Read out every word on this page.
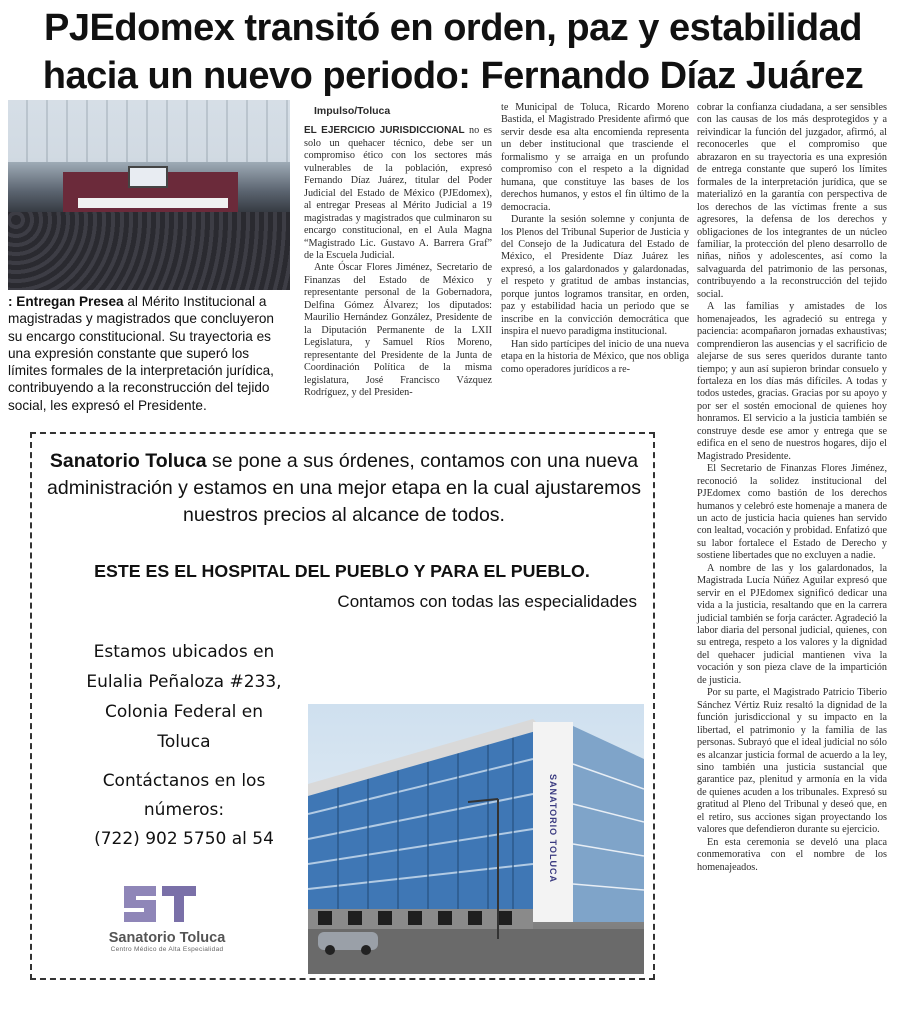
PJEdomex transitó en orden, paz y estabilidad
hacia un nuevo periodo: Fernando Díaz Juárez
: Entregan Presea al Mérito Institucional a magistradas y magistrados que concluyeron su encargo constitucional. Su trayectoria es una expresión constante que superó los límites formales de la interpretación jurídica, contribuyendo a la reconstrucción del tejido social, les expresó el Presidente.

Impulso/Toluca

EL EJERCICIO JURISDICCIONAL no es solo un quehacer técnico, debe ser un compromiso ético con los sectores más vulnerables de la población, expresó Fernando Díaz Juárez, titular del Poder Judicial del Estado de México (PJEdomex), al entregar Preseas al Mérito Judicial a 19 magistradas y magistrados que culminaron su encargo constitucional, en el Aula Magna “Magistrado Lic. Gustavo A. Barrera Graf” de la Escuela Judicial.

Ante Óscar Flores Jiménez, Secretario de Finanzas del Estado de México y representante personal de la Gobernadora, Delfina Gómez Álvarez; los diputados: Maurilio Hernández González, Presidente de la Diputación Permanente de la LXII Legislatura, y Samuel Ríos Moreno, representante del Presidente de la Junta de Coordinación Política de la misma legislatura, José Francisco Vázquez Rodríguez, y del Presiden-

te Municipal de Toluca, Ricardo Moreno Bastida, el Magistrado Presidente afirmó que servir desde esa alta encomienda representa un deber institucional que trasciende el formalismo y se arraiga en un profundo compromiso con el respeto a la dignidad humana, que constituye las bases de los derechos humanos, y estos el fin último de la democracia.

Durante la sesión solemne y conjunta de los Plenos del Tribunal Superior de Justicia y del Consejo de la Judicatura del Estado de México, el Presidente Díaz Juárez les expresó, a los galardonados y galardonadas, el respeto y gratitud de ambas instancias, porque juntos logramos transitar, en orden, paz y estabilidad hacia un periodo que se inscribe en la convicción democrática que inspira el nuevo paradigma institucional.

Han sido partícipes del inicio de una nueva etapa en la historia de México, que nos obliga como operadores jurídicos a re-

cobrar la confianza ciudadana, a ser sensibles con las causas de los más desprotegidos y a reivindicar la función del juzgador, afirmó, al reconocerles que el compromiso que abrazaron en su trayectoria es una expresión de entrega constante que superó los límites formales de la interpretación jurídica, que se materializó en la garantía con perspectiva de los derechos de las víctimas frente a sus agresores, la defensa de los derechos y obligaciones de los integrantes de un núcleo familiar, la protección del pleno desarrollo de niñas, niños y adolescentes, así como la salvaguarda del patrimonio de las personas, contribuyendo a la reconstrucción del tejido social.

A las familias y amistades de los homenajeados, les agradeció su entrega y paciencia: acompañaron jornadas exhaustivas; comprendieron las ausencias y el sacrificio de alejarse de sus seres queridos durante tanto tiempo; y aun así supieron brindar consuelo y fortaleza en los días más difíciles. A todas y todos ustedes, gracias. Gracias por su apoyo y por ser el sostén emocional de quienes hoy honramos. El servicio a la justicia también se construye desde ese amor y entrega que se edifica en el seno de nuestros hogares, dijo el Magistrado Presidente.

El Secretario de Finanzas Flores Jiménez, reconoció la solidez institucional del PJEdomex como bastión de los derechos humanos y celebró este homenaje a manera de un acto de justicia hacia quienes han servido con lealtad, vocación y probidad. Enfatizó que su labor fortalece el Estado de Derecho y sostiene libertades que no excluyen a nadie.

A nombre de las y los galardonados, la Magistrada Lucía Núñez Aguilar expresó que servir en el PJEdomex significó dedicar una vida a la justicia, resaltando que en la carrera judicial también se forja carácter. Agradeció la labor diaria del personal judicial, quienes, con su entrega, respeto a los valores y la dignidad del quehacer judicial mantienen viva la vocación y son pieza clave de la impartición de justicia.

Por su parte, el Magistrado Patricio Tiberio Sánchez Vértiz Ruiz resaltó la dignidad de la función jurisdiccional y su impacto en la libertad, el patrimonio y la familia de las personas. Subrayó que el ideal judicial no sólo es alcanzar justicia formal de acuerdo a la ley, sino también una justicia sustancial que garantice paz, plenitud y armonía en la vida de quienes acuden a los tribunales. Expresó su gratitud al Pleno del Tribunal y deseó que, en el retiro, sus acciones sigan proyectando los valores que defendieron durante su ejercicio.

En esta ceremonia se develó una placa conmemorativa con el nombre de los homenajeados.

Sanatorio Toluca se pone a sus órdenes, contamos con una nueva administración y estamos en una mejor etapa en la cual ajustaremos nuestros precios al alcance de todos.
ESTE ES EL HOSPITAL DEL PUEBLO Y PARA EL PUEBLO.
Contamos con todas las especialidades
Estamos ubicados en
Eulalia Peñaloza #233,
Colonia Federal en
Toluca
Contáctanos en los
números:
(722) 902 5750 al 54
Sanatorio Toluca
Centro Médico de Alta Especialidad
SANATORIO TOLUCA
